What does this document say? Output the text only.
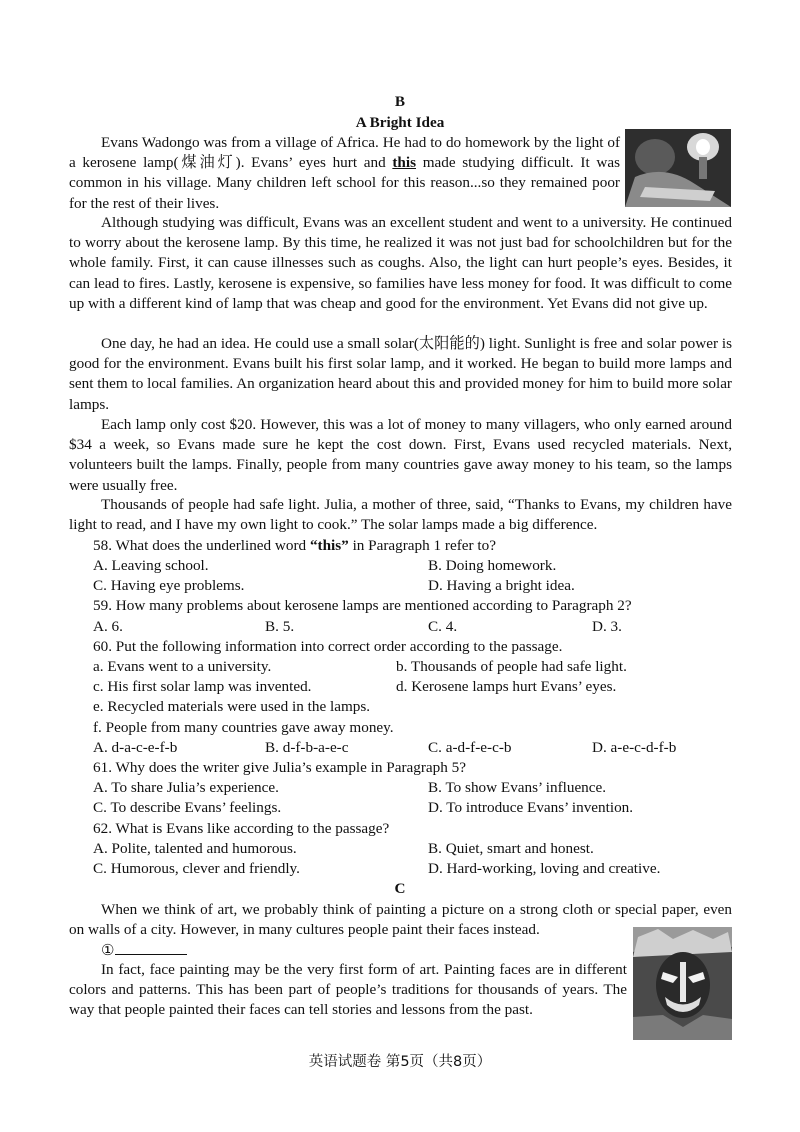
B
A Bright Idea

Evans Wadongo was from a village of Africa. He had to do homework by the light of a kerosene lamp(煤油灯). Evans’ eyes hurt and this made studying difficult. It was common in his village. Many children left school for this reason...so they remained poor for the rest of their lives.

Although studying was difficult, Evans was an excellent student and went to a university. He continued to worry about the kerosene lamp. By this time, he realized it was not just bad for schoolchildren but for the whole family. First, it can cause illnesses such as coughs. Also, the light can hurt people’s eyes. Besides, it can lead to fires. Lastly, kerosene is expensive, so families have less money for food. It was difficult to come up with a different kind of lamp that was cheap and good for the environment. Yet Evans did not give up.

One day, he had an idea. He could use a small solar(太阳能的) light. Sunlight is free and solar power is good for the environment. Evans built his first solar lamp, and it worked. He began to build more lamps and sent them to local families. An organization heard about this and provided money for him to build more solar lamps.

Each lamp only cost $20. However, this was a lot of money to many villagers, who only earned around $34 a week, so Evans made sure he kept the cost down. First, Evans used recycled materials. Next, volunteers built the lamps. Finally, people from many countries gave away money to his team, so the lamps were usually free.

Thousands of people had safe light. Julia, a mother of three, said, “Thanks to Evans, my children have light to read, and I have my own light to cook.” The solar lamps made a big difference.

58. What does the underlined word “this” in Paragraph 1 refer to?
A. Leaving school.	B. Doing homework.
C. Having eye problems.	D. Having a bright idea.
59. How many problems about kerosene lamps are mentioned according to Paragraph 2?
A. 6.	B. 5.	C. 4.	D. 3.
60. Put the following information into correct order according to the passage.
a. Evans went to a university.	b. Thousands of people had safe light.
c. His first solar lamp was invented.	d. Kerosene lamps hurt Evans’ eyes.
e. Recycled materials were used in the lamps.
f. People from many countries gave away money.
A. d-a-c-e-f-b	B. d-f-b-a-e-c	C. a-d-f-e-c-b	D. a-e-c-d-f-b
61. Why does the writer give Julia’s example in Paragraph 5?
A. To share Julia’s experience.	B. To show Evans’ influence.
C. To describe Evans’ feelings.	D. To introduce Evans’ invention.
62. What is Evans like according to the passage?
A. Polite, talented and humorous.	B. Quiet, smart and honest.
C. Humorous, clever and friendly.	D. Hard-working, loving and creative.
C

When we think of art, we probably think of painting a picture on a strong cloth or special paper, even on walls of a city. However, in many cultures people paint their faces instead.

①

In fact, face painting may be the very first form of art. Painting faces are in different colors and patterns. This has been part of people’s traditions for thousands of years. The way that people painted their faces can tell stories and lessons from the past.

英语试题卷 第5页（共8页）
